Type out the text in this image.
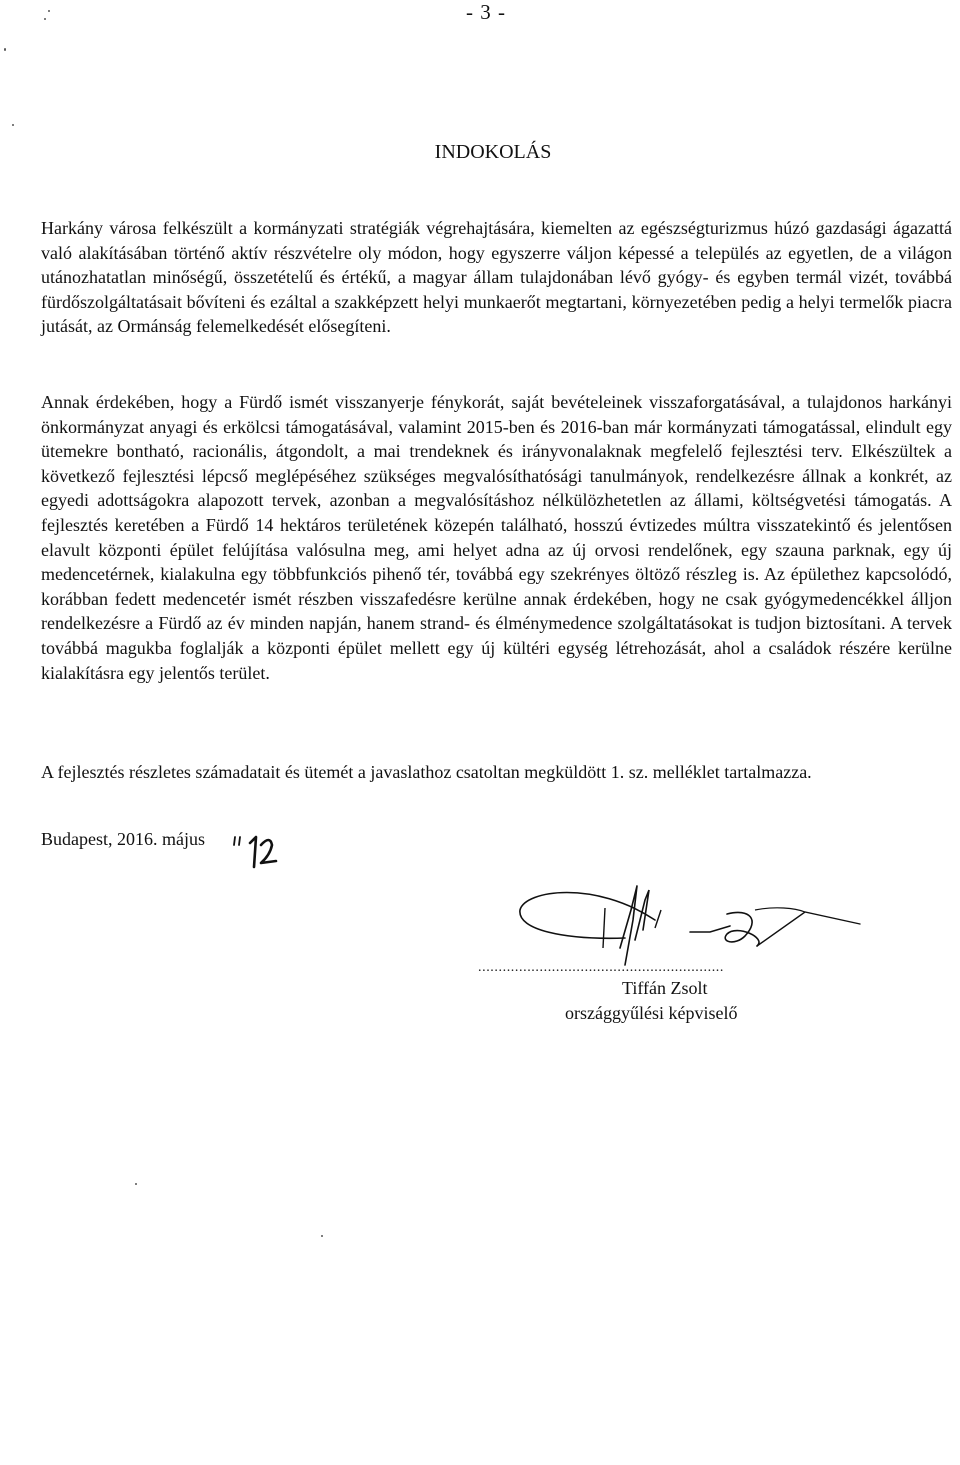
- 3 -
INDOKOLÁS

Harkány városa felkészült a kormányzati stratégiák végrehajtására, kiemelten az egészségturizmus húzó gazdasági ágazattá való alakításában történő aktív részvételre oly módon, hogy egyszerre váljon képessé a település az egyetlen, de a világon utánozhatatlan minőségű, összetételű és értékű, a magyar állam tulajdonában lévő gyógy- és egyben termál vizét, továbbá fürdőszolgáltatásait bővíteni és ezáltal a szakképzett helyi munkaerőt megtartani, környezetében pedig a helyi termelők piacra jutását, az Ormánság felemelkedését elősegíteni.

Annak érdekében, hogy a Fürdő ismét visszanyerje fénykorát, saját bevételeinek visszaforgatásával, a tulajdonos harkányi önkormányzat anyagi és erkölcsi támogatásával, valamint 2015-ben és 2016-ban már kormányzati támogatással, elindult egy ütemekre bontható, racionális, átgondolt, a mai trendeknek és irányvonalaknak megfelelő fejlesztési terv. Elkészültek a következő fejlesztési lépcső meglépéséhez szükséges megvalósíthatósági tanulmányok, rendelkezésre állnak a konkrét, az egyedi adottságokra alapozott tervek, azonban a megvalósításhoz nélkülözhetetlen az állami, költségvetési támogatás. A fejlesztés keretében a Fürdő 14 hektáros területének közepén található, hosszú évtizedes múltra visszatekintő és jelentősen elavult központi épület felújítása valósulna meg, ami helyet adna az új orvosi rendelőnek, egy szauna parknak, egy új medencetérnek, kialakulna egy többfunkciós pihenő tér, továbbá egy szekrényes öltöző részleg is. Az épülethez kapcsolódó, korábban fedett medencetér ismét részben visszafedésre kerülne annak érdekében, hogy ne csak gyógymedencékkel álljon rendelkezésre a Fürdő az év minden napján, hanem strand- és élménymedence szolgáltatásokat is tudjon biztosítani. A tervek továbbá magukba foglalják a központi épület mellett egy új kültéri egység létrehozását, ahol a családok részére kerülne kialakításra egy jelentős terület.

A fejlesztés részletes számadatait és ütemét a javaslathoz csatoltan megküldött 1. sz. melléklet tartalmazza.

Budapest, 2016. május
............................................................
Tiffán Zsolt
országgyűlési képviselő
